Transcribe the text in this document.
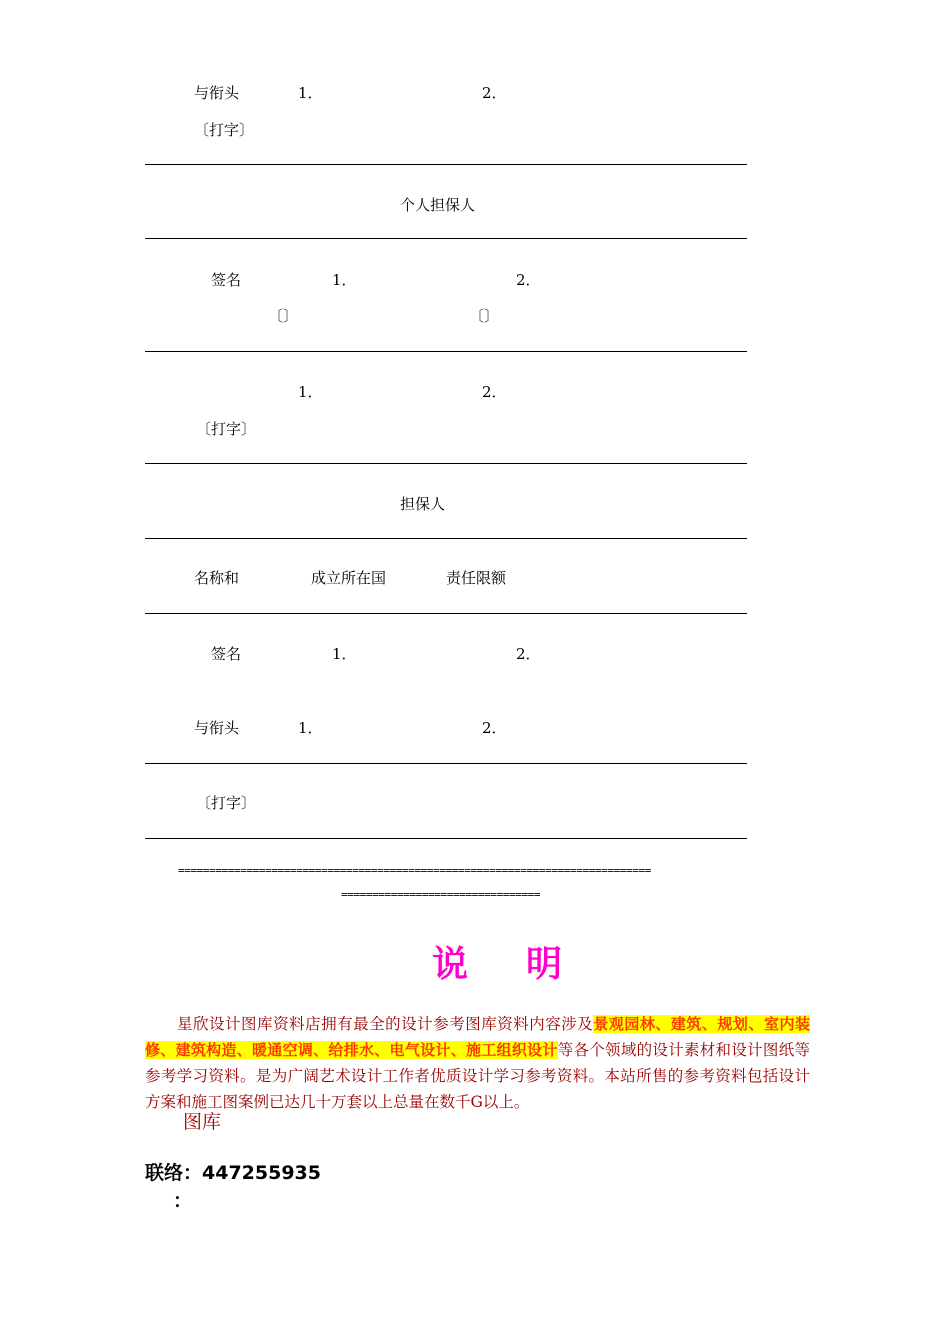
与衔头	1．	2．
〔打字〕
个人担保人
签名	1．	2．
〔〕	〔〕
1．	2．
〔打字〕
担保人
名称和	成立所在国	责任限额
签名	1．	2．
与衔头	1．	2．
〔打字〕
============================================================================
================================
说明
星欣设计图库资料店拥有最全的设计参考图库资料内容涉及景观园林、建筑、规划、室内装修、建筑构造、暖通空调、给排水、电气设计、施工组织设计等各个领域的设计素材和设计图纸等参考学习资料。是为广阔艺术设计工作者优质设计学习参考资料。本站所售的参考资料包括设计方案和施工图案例已达几十万套以上总量在数千G以上。
图库
联络：447255935
：
